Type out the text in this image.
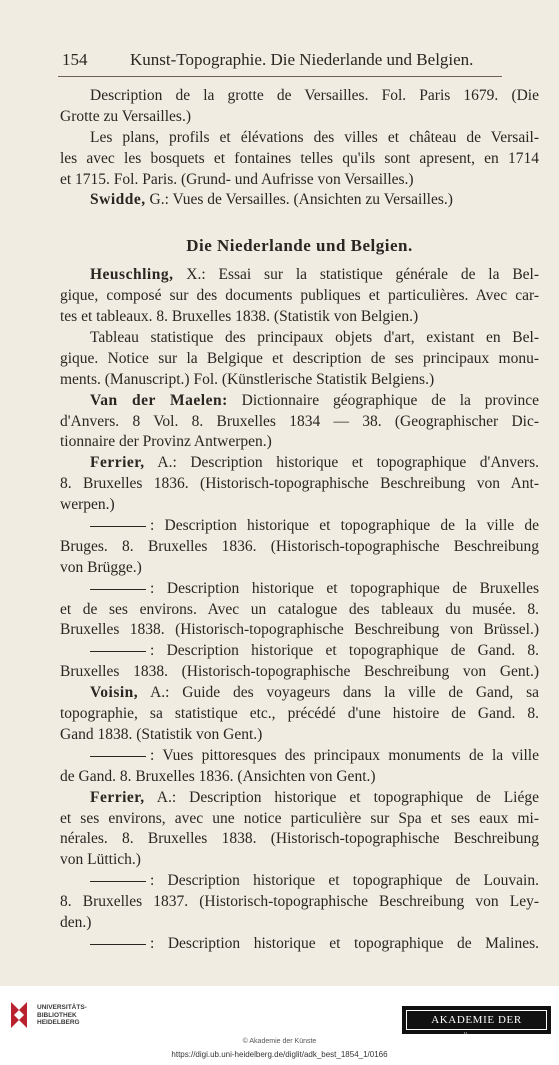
154	Kunst-Topographie. Die Niederlande und Belgien.
Description de la grotte de Versailles. Fol. Paris 1679. (Die
Grotte zu Versailles.)
Les plans, profils et élévations des villes et château de Versail-
les avec les bosquets et fontaines telles qu'ils sont apresent, en 1714
et 1715. Fol. Paris. (Grund- und Aufrisse von Versailles.)
Swidde, G.: Vues de Versailles. (Ansichten zu Versailles.)
Die Niederlande und Belgien.
Heuschling, X.: Essai sur la statistique générale de la Bel-
gique, composé sur des documents publiques et particulières. Avec car-
tes et tableaux. 8. Bruxelles 1838. (Statistik von Belgien.)
Tableau statistique des principaux objets d'art, existant en Bel-
gique. Notice sur la Belgique et description de ses principaux monu-
ments. (Manuscript.) Fol. (Künstlerische Statistik Belgiens.)
Van der Maelen: Dictionnaire géographique de la province
d'Anvers. 8 Vol. 8. Bruxelles 1834 — 38. (Geographischer Dic-
tionnaire der Provinz Antwerpen.)
Ferrier, A.: Description historique et topographique d'Anvers.
8. Bruxelles 1836. (Historisch-topographische Beschreibung von Ant-
werpen.)
: Description historique et topographique de la ville de
Bruges. 8. Bruxelles 1836. (Historisch-topographische Beschreibung
von Brügge.)
: Description historique et topographique de Bruxelles
et de ses environs. Avec un catalogue des tableaux du musée. 8.
Bruxelles 1838. (Historisch-topographische Beschreibung von Brüssel.)
: Description historique et topographique de Gand. 8.
Bruxelles 1838. (Historisch-topographische Beschreibung von Gent.)
Voisin, A.: Guide des voyageurs dans la ville de Gand, sa
topographie, sa statistique etc., précédé d'une histoire de Gand. 8.
Gand 1838. (Statistik von Gent.)
: Vues pittoresques des principaux monuments de la ville
de Gand. 8. Bruxelles 1836. (Ansichten von Gent.)
Ferrier, A.: Description historique et topographique de Liége
et ses environs, avec une notice particulière sur Spa et ses eaux mi-
nérales. 8. Bruxelles 1838. (Historisch-topographische Beschreibung
von Lüttich.)
: Description historique et topographique de Louvain.
8. Bruxelles 1837. (Historisch-topographische Beschreibung von Ley-
den.)
: Description historique et topographique de Malines.
UNIVERSITÄTS-
BIBLIOTHEK
HEIDELBERG	AKADEMIE DER KÜNSTE
© Akademie der Künste
https://digi.ub.uni-heidelberg.de/diglit/adk_best_1854_1/0166
